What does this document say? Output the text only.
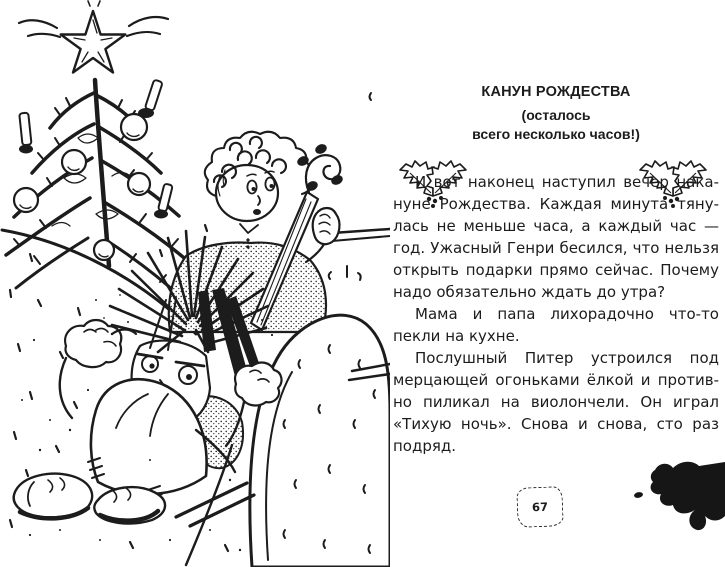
КАНУН РОЖДЕСТВА
(осталось
всего несколько часов!)
И вот наконец наступил вечер нака-
нуне Рождества. Каждая минута тяну-
лась не меньше часа, а каждый час —
год. Ужасный Генри бесился, что нельзя
открыть подарки прямо сейчас. Почему
надо обязательно ждать до утра?
Мама и папа лихорадочно что-то
пекли на кухне.
Послушный Питер устроился под
мерцающей огоньками ёлкой и против-
но пиликал на виолончели. Он играл
«Тихую ночь». Снова и снова, сто раз
подряд.
67
